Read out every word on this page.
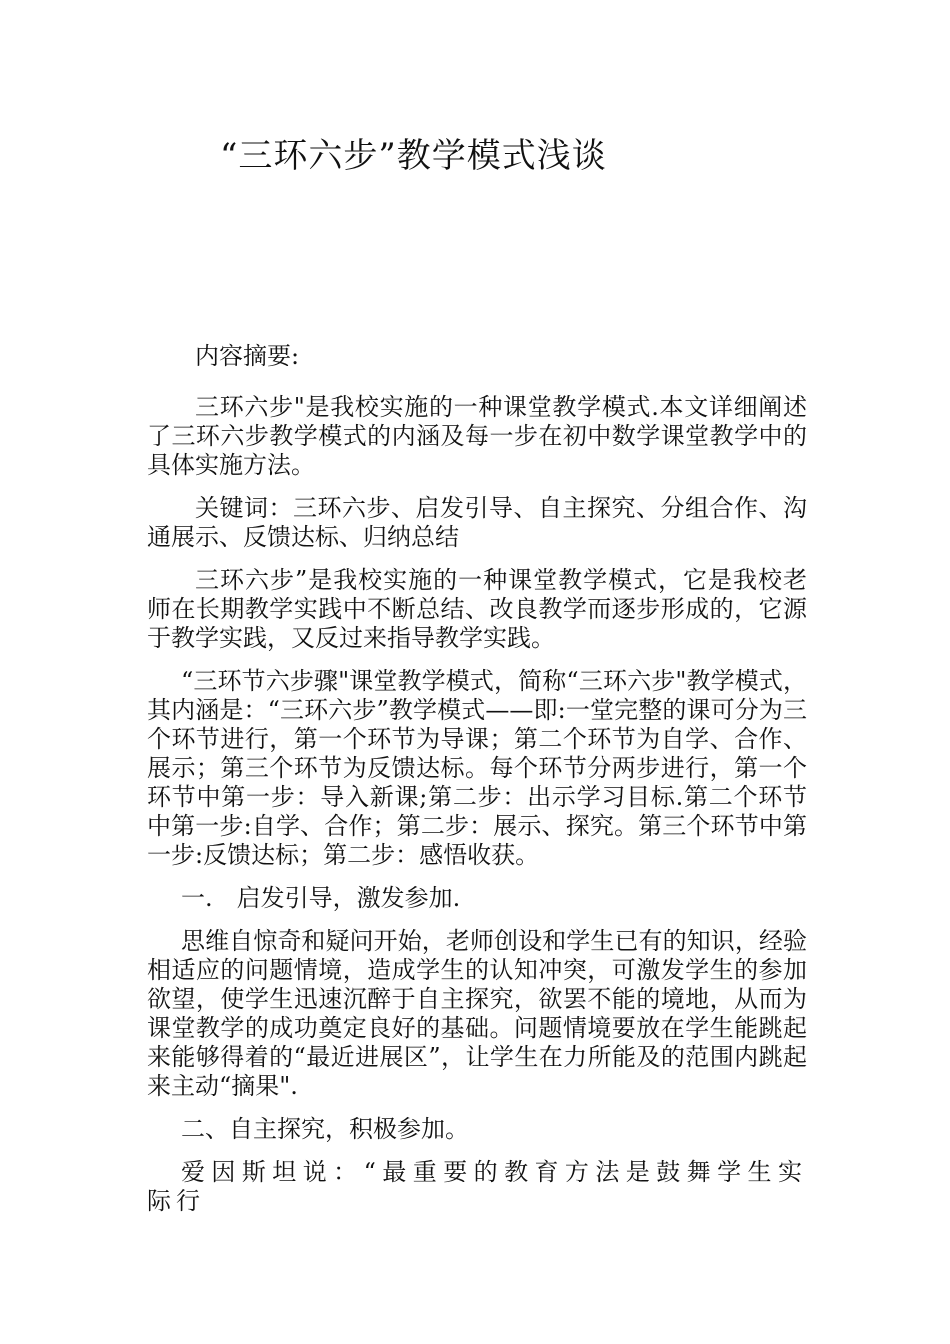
“三环六步”教学模式浅谈

内容摘要:

三环六步"是我校实施的一种课堂教学模式.本文详细阐述了三环六步教学模式的内涵及每一步在初中数学课堂教学中的具体实施方法。

关键词：三环六步、启发引导、自主探究、分组合作、沟通展示、反馈达标、归纳总结

三环六步”是我校实施的一种课堂教学模式，它是我校老师在长期教学实践中不断总结、改良教学而逐步形成的，它源于教学实践，又反过来指导教学实践。

“三环节六步骤"课堂教学模式，简称“三环六步"教学模式，其内涵是：“三环六步”教学模式——即:一堂完整的课可分为三个环节进行，第一个环节为导课；第二个环节为自学、合作、展示；第三个环节为反馈达标。每个环节分两步进行，第一个环节中第一步：导入新课;第二步：出示学习目标.第二个环节中第一步:自学、合作；第二步：展示、探究。第三个环节中第一步:反馈达标；第二步：感悟收获。

一.　启发引导，激发参加.

思维自惊奇和疑问开始，老师创设和学生已有的知识，经验相适应的问题情境，造成学生的认知冲突，可激发学生的参加欲望，使学生迅速沉醉于自主探究，欲罢不能的境地，从而为课堂教学的成功奠定良好的基础。问题情境要放在学生能跳起来能够得着的“最近进展区”，让学生在力所能及的范围内跳起来主动“摘果".

二、自主探究，积极参加。

爱因斯坦说：“最重要的教育方法是鼓舞学生实际行
